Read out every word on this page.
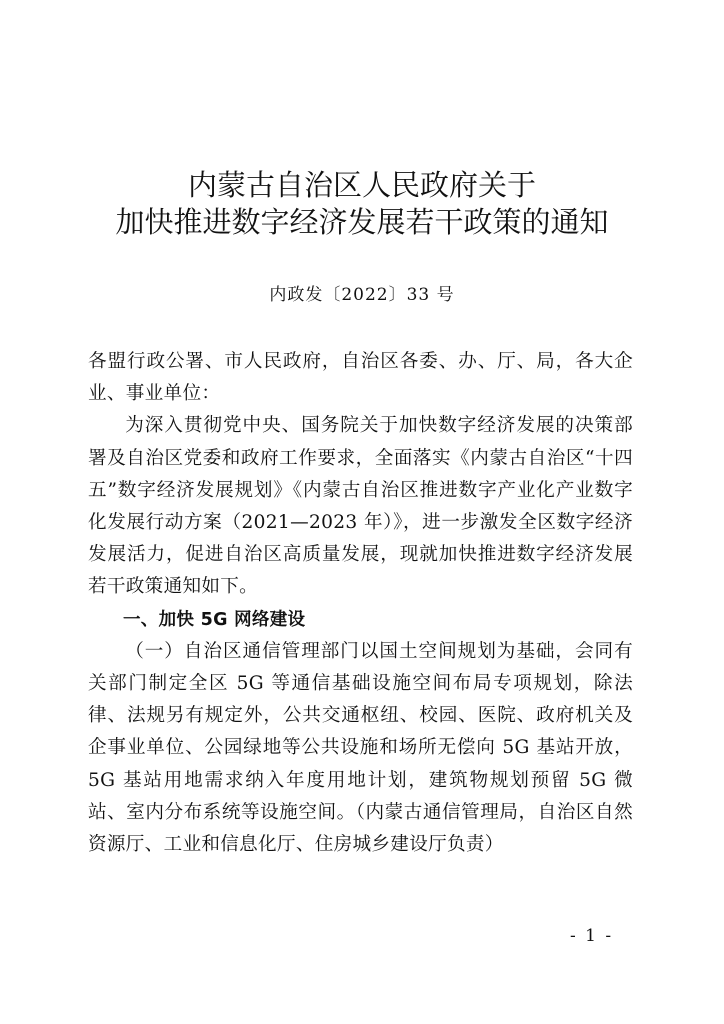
内蒙古自治区人民政府关于
加快推进数字经济发展若干政策的通知
内政发〔2022〕33 号

各盟行政公署、市人民政府，自治区各委、办、厅、局，各大企业、事业单位：

为深入贯彻党中央、国务院关于加快数字经济发展的决策部署及自治区党委和政府工作要求，全面落实《内蒙古自治区“十四五”数字经济发展规划》《内蒙古自治区推进数字产业化产业数字化发展行动方案（2021—2023 年）》，进一步激发全区数字经济发展活力，促进自治区高质量发展，现就加快推进数字经济发展若干政策通知如下。

一、加快 5G 网络建设

（一）自治区通信管理部门以国土空间规划为基础，会同有关部门制定全区 5G 等通信基础设施空间布局专项规划，除法律、法规另有规定外，公共交通枢纽、校园、医院、政府机关及企事业单位、公园绿地等公共设施和场所无偿向 5G 基站开放，5G 基站用地需求纳入年度用地计划，建筑物规划预留 5G 微站、室内分布系统等设施空间。（内蒙古通信管理局，自治区自然资源厅、工业和信息化厅、住房城乡建设厅负责）

- 1 -
